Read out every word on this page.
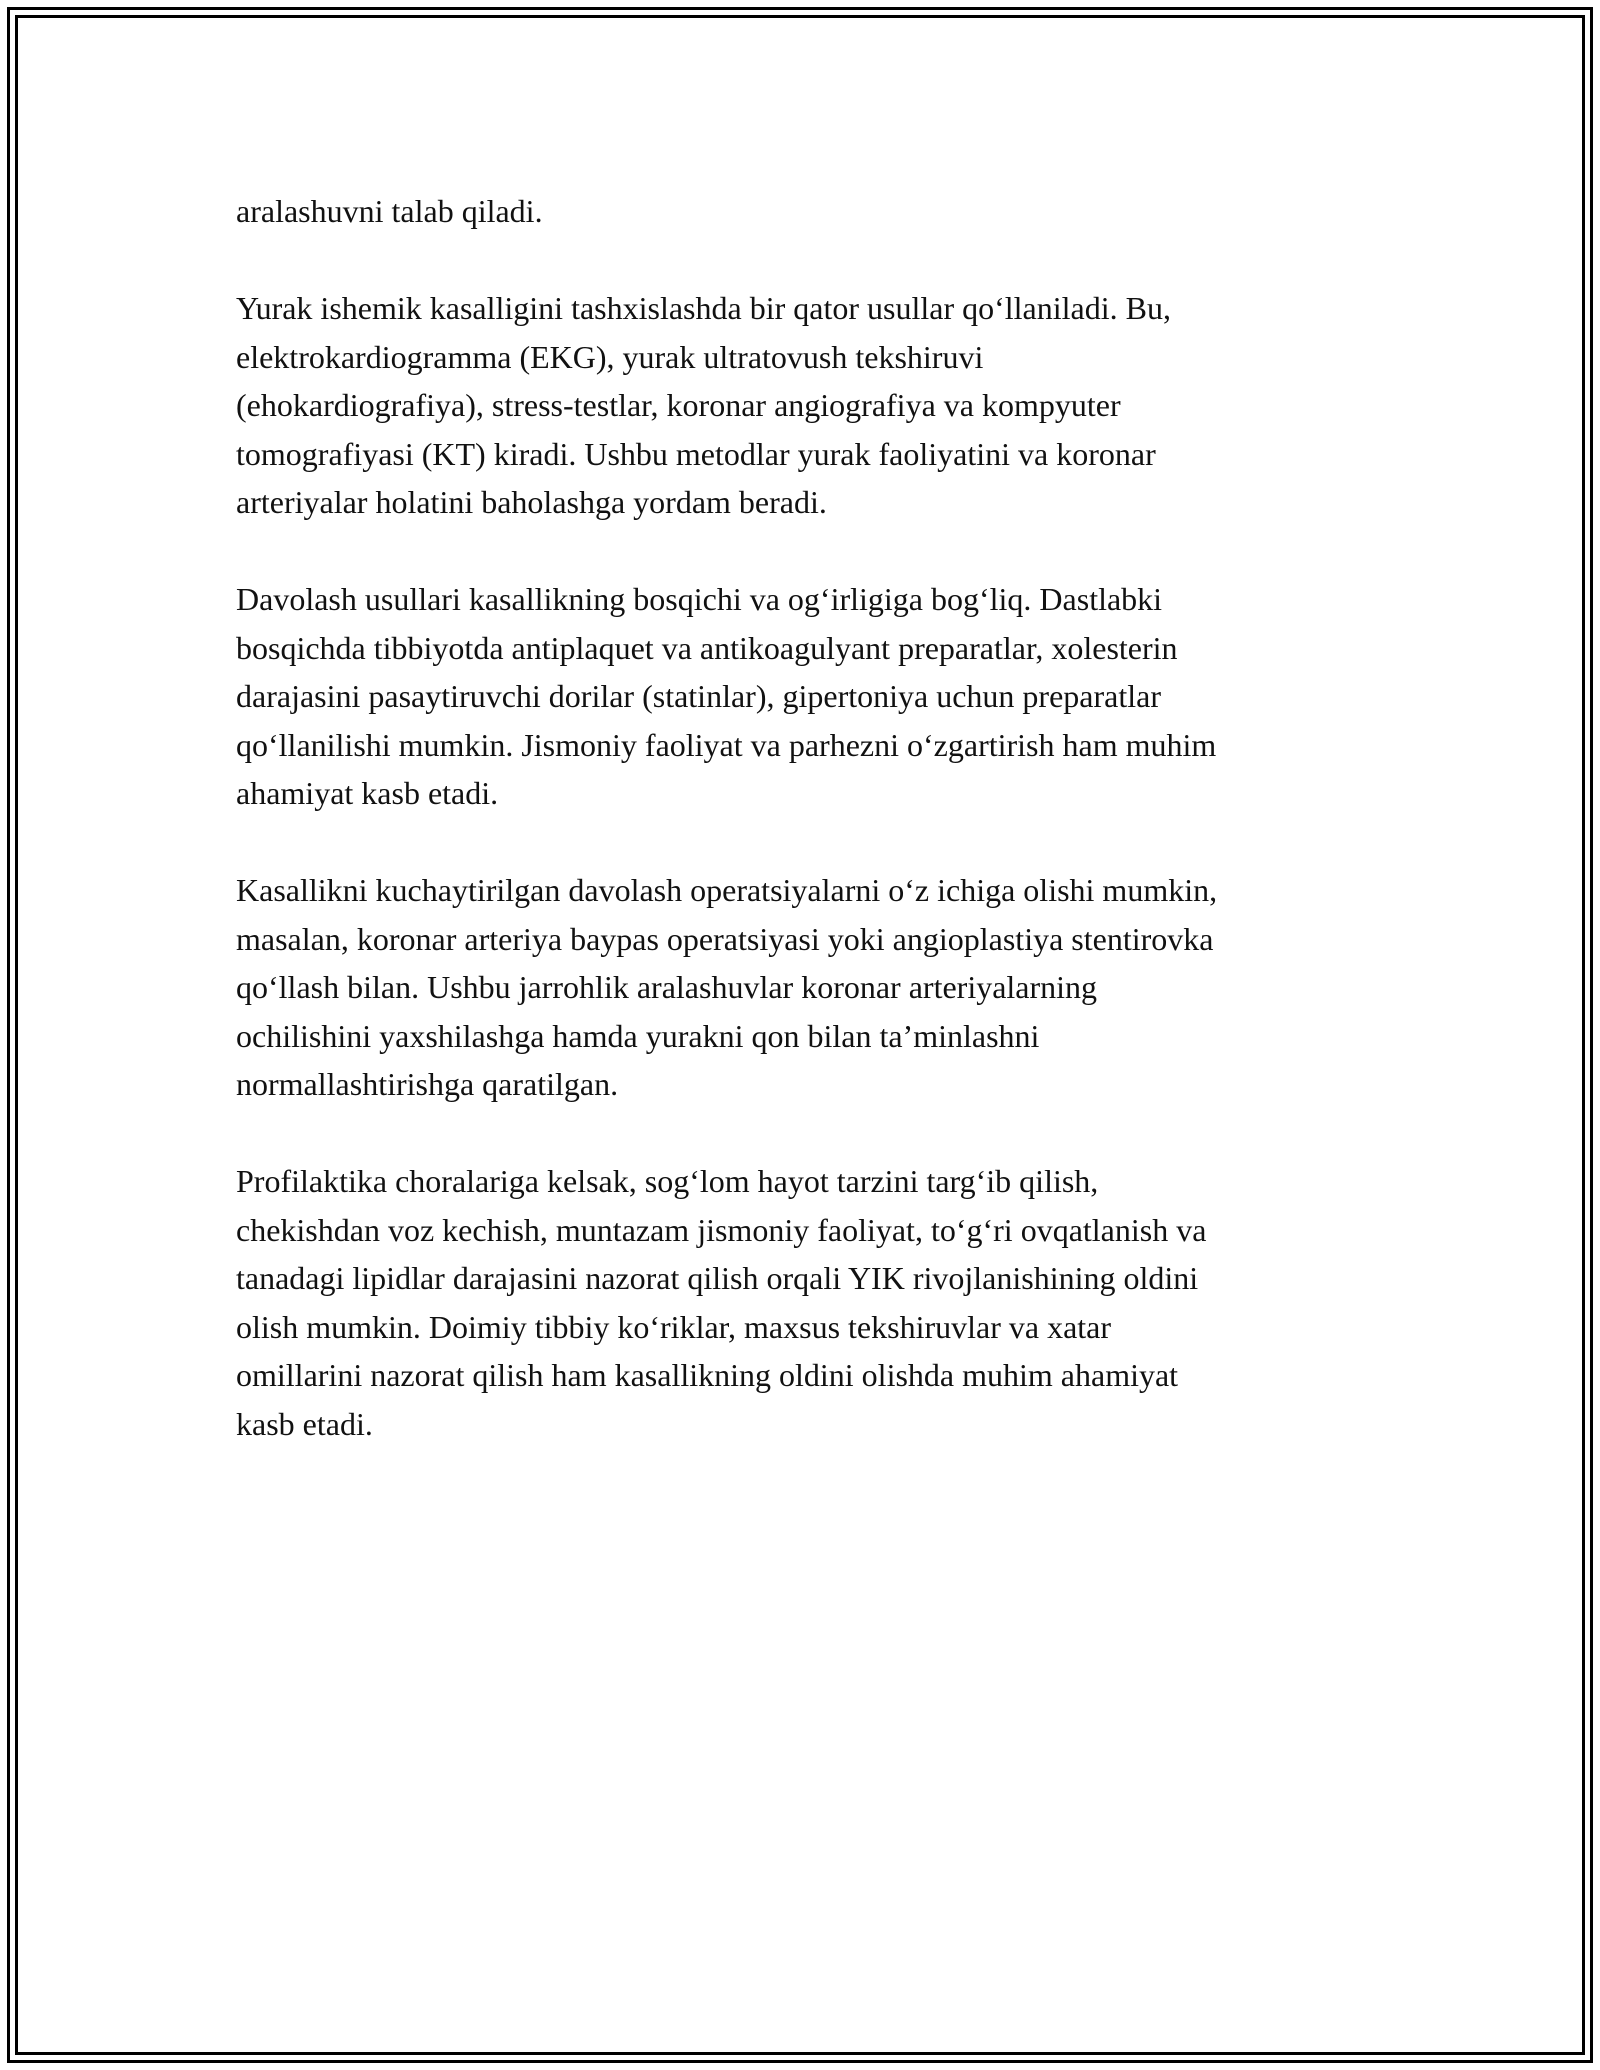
aralashuvni talab qiladi.

Yurak ishemik kasalligini tashxislashda bir qator usullar qo‘llaniladi. Bu,
elektrokardiogramma (EKG), yurak ultratovush tekshiruvi
(ehokardiografiya), stress-testlar, koronar angiografiya va kompyuter
tomografiyasi (KT) kiradi. Ushbu metodlar yurak faoliyatini va koronar
arteriyalar holatini baholashga yordam beradi.

Davolash usullari kasallikning bosqichi va og‘irligiga bog‘liq. Dastlabki
bosqichda tibbiyotda antiplaquet va antikoagulyant preparatlar, xolesterin
darajasini pasaytiruvchi dorilar (statinlar), gipertoniya uchun preparatlar
qo‘llanilishi mumkin. Jismoniy faoliyat va parhezni o‘zgartirish ham muhim
ahamiyat kasb etadi.

Kasallikni kuchaytirilgan davolash operatsiyalarni o‘z ichiga olishi mumkin,
masalan, koronar arteriya baypas operatsiyasi yoki angioplastiya stentirovka
qo‘llash bilan. Ushbu jarrohlik aralashuvlar koronar arteriyalarning
ochilishini yaxshilashga hamda yurakni qon bilan ta’minlashni
normallashtirishga qaratilgan.

Profilaktika choralariga kelsak, sog‘lom hayot tarzini targ‘ib qilish,
chekishdan voz kechish, muntazam jismoniy faoliyat, to‘g‘ri ovqatlanish va
tanadagi lipidlar darajasini nazorat qilish orqali YIK rivojlanishining oldini
olish mumkin. Doimiy tibbiy ko‘riklar, maxsus tekshiruvlar va xatar
omillarini nazorat qilish ham kasallikning oldini olishda muhim ahamiyat
kasb etadi.
